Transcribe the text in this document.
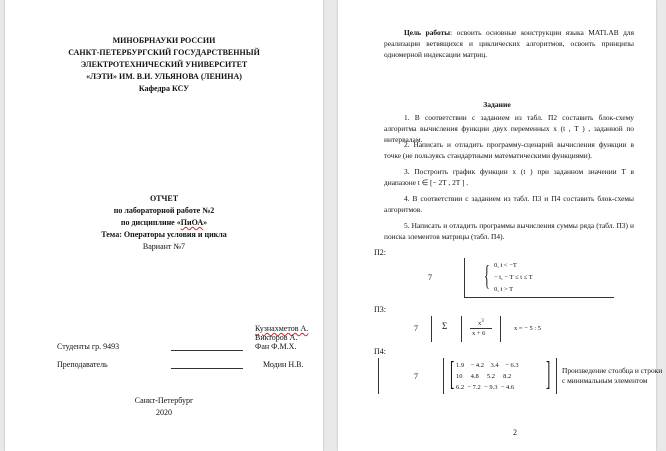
МИНОБРНАУКИ РОССИИ
САНКТ-ПЕТЕРБУРГСКИЙ ГОСУДАРСТВЕННЫЙ
ЭЛЕКТРОТЕХНИЧЕСКИЙ УНИВЕРСИТЕТ
«ЛЭТИ» ИМ. В.И. УЛЬЯНОВА (ЛЕНИНА)
Кафедра КСУ
ОТЧЕТ
по лабораторной работе №2
по дисциплине «ПиОА»
Тема: Операторы условия и цикла
Вариант №7
Кузнахметов А.
Викторов А.
Фан Ф.М.Х.
Студенты гр. 9493
Преподаватель	Модин Н.В.
Санкт-Петербург
2020
Цель работы: освоить основные конструкции языка MATLAB для реализации ветвящихся и циклических алгоритмов, освоить принципы одномерной индексации матриц.
Задание
1. В соответствии с заданием из табл. П2 составить блок-схему алгоритма вычисления функции двух переменных x (t , T ) , заданной по интервалам.
2. Написать и отладить программу-сценарий вычисления функции в точке (не пользуясь стандартными математическими функциями).
3. Построить график функции x (t ) при заданном значении T в диапазоне t ∈ [− 2T , 2T ] .
4. В соответствии с заданием из табл. П3 и П4 составить блок-схемы алгоритмов.
5. Написать и отладить программы вычисления суммы ряда (табл. П3) и поиска элементов матрицы (табл. П4).
П2:
7	{ 0, t < −T
− t, − T ≤ t ≤ T
0, t > T
П3:
7	Σ	$x^3$
x + 6
x = − 5 : 5
П4:
7 [ 1.9 − 4.2 3.4 − 6.3
10 4.8 5.2 8.2
6.2 − 7.2 − 9.3 − 4.6 ] Произведение столбца и строки
с минимальным элементом
2
